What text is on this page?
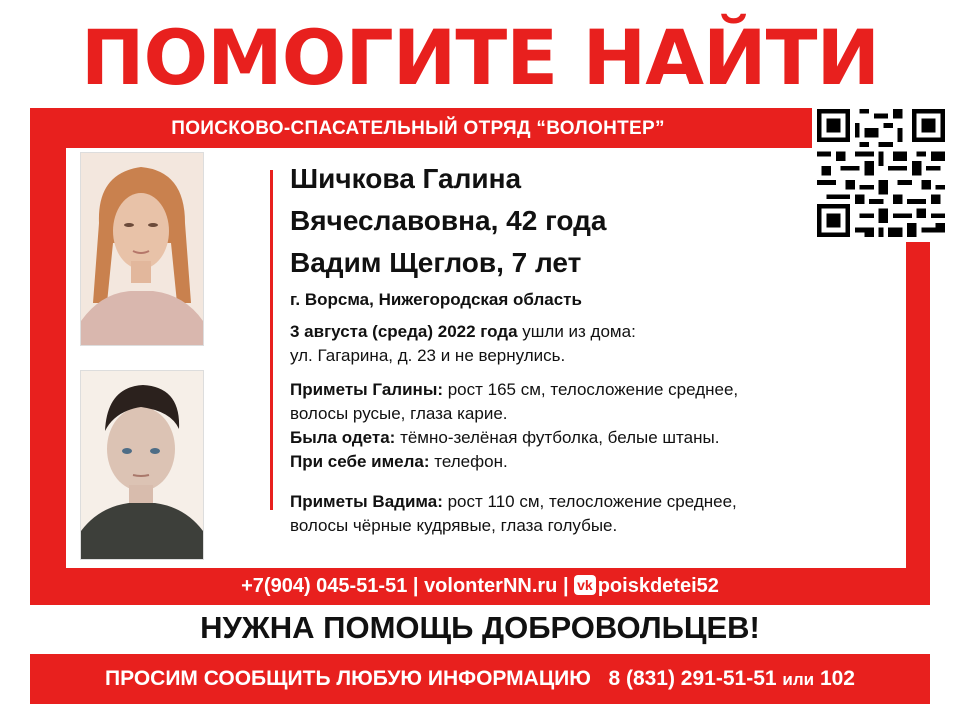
ПОМОГИТЕ НАЙТИ
ПОИСКОВО-СПАСАТЕЛЬНЫЙ ОТРЯД “ВОЛОНТЕР”
Шичкова Галина
Вячеславовна, 42 года
Вадим Щеглов, 7 лет
г. Ворсма, Нижегородская область

3 августа (среда) 2022 года ушли из дома:

ул. Гагарина, д. 23 и не вернулись.

Приметы Галины: рост 165 см, телосложение среднее,

волосы русые, глаза карие.

Была одета: тёмно-зелёная футболка, белые штаны.

При себе имела: телефон.

Приметы Вадима: рост 110 см, телосложение среднее,

волосы чёрные кудрявые, глаза голубые.

+7(904) 045-51-51 | volonterNN.ru | vk poiskdetei52
НУЖНА ПОМОЩЬ ДОБРОВОЛЬЦЕВ!
ПРОСИМ СООБЩИТЬ ЛЮБУЮ ИНФОРМАЦИЮ 8 (831) 291-51-51 или 102
